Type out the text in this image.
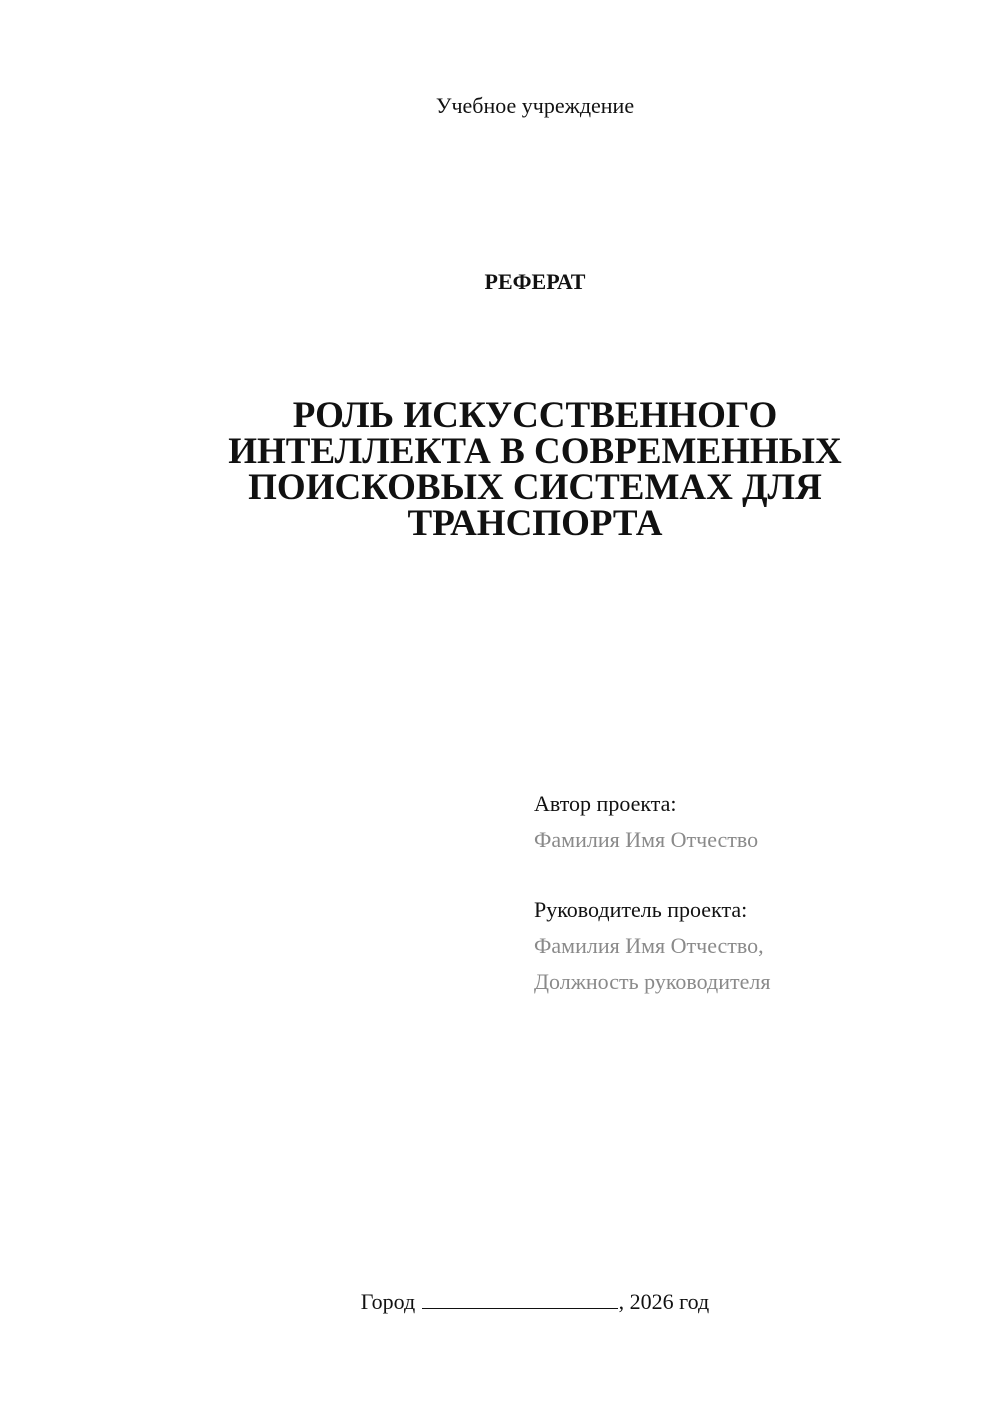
Учебное учреждение
РЕФЕРАТ
РОЛЬ ИСКУССТВЕННОГО
ИНТЕЛЛЕКТА В СОВРЕМЕННЫХ
ПОИСКОВЫХ СИСТЕМАХ ДЛЯ
ТРАНСПОРТА
Автор проекта:
Фамилия Имя Отчество
Руководитель проекта:
Фамилия Имя Отчество,
Должность руководителя
Город	, 2026 год
